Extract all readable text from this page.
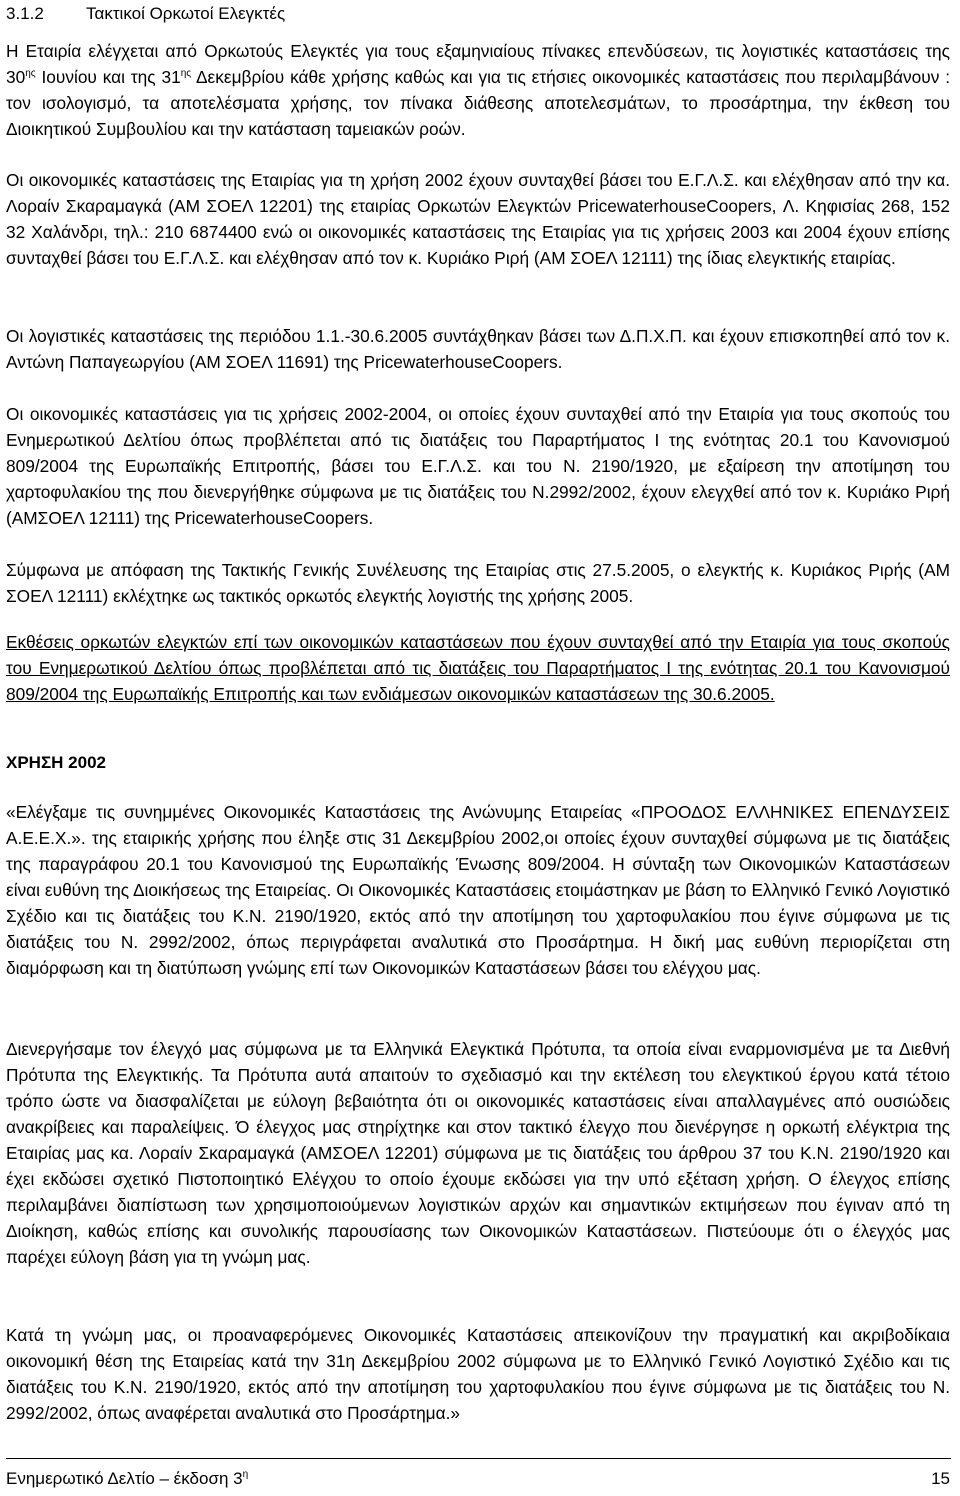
3.1.2 Τακτικοί Ορκωτοί Ελεγκτές

Η Εταιρία ελέγχεται από Ορκωτούς Ελεγκτές για τους εξαμηνιαίους πίνακες επενδύσεων, τις λογιστικές καταστάσεις της $30^{\eta\varsigma}$ Ιουνίου και της $31^{\eta\varsigma}$ Δεκεμβρίου κάθε χρήσης καθώς και για τις ετήσιες οικονομικές καταστάσεις που περιλαμβάνουν : τον ισολογισμό, τα αποτελέσματα χρήσης, τον πίνακα διάθεσης αποτελεσμάτων, το προσάρτημα, την έκθεση του Διοικητικού Συμβουλίου και την κατάσταση ταμειακών ροών.

Οι οικονομικές καταστάσεις της Εταιρίας για τη χρήση 2002 έχουν συνταχθεί βάσει του Ε.Γ.Λ.Σ. και ελέχθησαν από την κα. Λοραίν Σκαραμαγκά (ΑΜ ΣΟΕΛ 12201) της εταιρίας Ορκωτών Ελεγκτών PricewaterhouseCoopers, Λ. Κηφισίας 268, 152 32 Χαλάνδρι, τηλ.: 210 6874400 ενώ οι οικονομικές καταστάσεις της Εταιρίας για τις χρήσεις 2003 και 2004 έχουν επίσης συνταχθεί βάσει του Ε.Γ.Λ.Σ. και ελέχθησαν από τον κ. Κυριάκο Ριρή (ΑΜ ΣΟΕΛ 12111) της ίδιας ελεγκτικής εταιρίας.

Οι λογιστικές καταστάσεις της περιόδου 1.1.-30.6.2005 συντάχθηκαν βάσει των Δ.Π.Χ.Π. και έχουν επισκοπηθεί από τον κ. Αντώνη Παπαγεωργίου (ΑΜ ΣΟΕΛ 11691) της PricewaterhouseCoopers.

Οι οικονομικές καταστάσεις για τις χρήσεις 2002-2004, οι οποίες έχουν συνταχθεί από την Εταιρία για τους σκοπούς του Ενημερωτικού Δελτίου όπως προβλέπεται από τις διατάξεις του Παραρτήματος Ι της ενότητας 20.1 του Κανονισμού 809/2004 της Ευρωπαϊκής Επιτροπής, βάσει του Ε.Γ.Λ.Σ. και του Ν. 2190/1920, με εξαίρεση την αποτίμηση του χαρτοφυλακίου της που διενεργήθηκε σύμφωνα με τις διατάξεις του Ν.2992/2002, έχουν ελεγχθεί από τον κ. Κυριάκο Ριρή (ΑΜΣΟΕΛ 12111) της PricewaterhouseCoopers.

Σύμφωνα με απόφαση της Τακτικής Γενικής Συνέλευσης της Εταιρίας στις 27.5.2005, ο ελεγκτής κ. Κυριάκος Ριρής (ΑΜ ΣΟΕΛ 12111) εκλέχτηκε ως τακτικός ορκωτός ελεγκτής λογιστής της χρήσης 2005.

Εκθέσεις ορκωτών ελεγκτών επί των οικονομικών καταστάσεων που έχουν συνταχθεί από την Εταιρία για τους σκοπούς του Ενημερωτικού Δελτίου όπως προβλέπεται από τις διατάξεις του Παραρτήματος Ι της ενότητας 20.1 του Κανονισμού 809/2004 της Ευρωπαϊκής Επιτροπής και των ενδιάμεσων οικονομικών καταστάσεων της 30.6.2005.

ΧΡΗΣΗ 2002

«Ελέγξαμε τις συνημμένες Οικονομικές Καταστάσεις της Ανώνυμης Εταιρείας «ΠΡΟΟΔΟΣ ΕΛΛΗΝΙΚΕΣ ΕΠΕΝΔΥΣΕΙΣ Α.Ε.Ε.Χ.». της εταιρικής χρήσης που έληξε στις 31 Δεκεμβρίου 2002,οι οποίες έχουν συνταχθεί σύμφωνα με τις διατάξεις της παραγράφου 20.1 του Κανονισμού της Ευρωπαϊκής Ένωσης 809/2004. Η σύνταξη των Οικονομικών Καταστάσεων είναι ευθύνη της Διοικήσεως της Εταιρείας. Οι Οικονομικές Καταστάσεις ετοιμάστηκαν με βάση το Ελληνικό Γενικό Λογιστικό Σχέδιο και τις διατάξεις του Κ.Ν. 2190/1920, εκτός από την αποτίμηση του χαρτοφυλακίου που έγινε σύμφωνα με τις διατάξεις του Ν. 2992/2002, όπως περιγράφεται αναλυτικά στο Προσάρτημα. Η δική μας ευθύνη περιορίζεται στη διαμόρφωση και τη διατύπωση γνώμης επί των Οικονομικών Καταστάσεων βάσει του ελέγχου μας.

Διενεργήσαμε τον έλεγχό μας σύμφωνα με τα Ελληνικά Ελεγκτικά Πρότυπα, τα οποία είναι εναρμονισμένα με τα Διεθνή Πρότυπα της Ελεγκτικής. Τα Πρότυπα αυτά απαιτούν το σχεδιασμό και την εκτέλεση του ελεγκτικού έργου κατά τέτοιο τρόπο ώστε να διασφαλίζεται με εύλογη βεβαιότητα ότι οι οικονομικές καταστάσεις είναι απαλλαγμένες από ουσιώδεις ανακρίβειες και παραλείψεις. Ό έλεγχος μας στηρίχτηκε και στον τακτικό έλεγχο που διενέργησε η ορκωτή ελέγκτρια της Εταιρίας μας κα. Λοραίν Σκαραμαγκά (ΑΜΣΟΕΛ 12201) σύμφωνα με τις διατάξεις του άρθρου 37 του Κ.Ν. 2190/1920 και έχει εκδώσει σχετικό Πιστοποιητικό Ελέγχου το οποίο έχουμε εκδώσει για την υπό εξέταση χρήση. Ο έλεγχος επίσης περιλαμβάνει διαπίστωση των χρησιμοποιούμενων λογιστικών αρχών και σημαντικών εκτιμήσεων που έγιναν από τη Διοίκηση, καθώς επίσης και συνολικής παρουσίασης των Οικονομικών Καταστάσεων. Πιστεύουμε ότι ο έλεγχός μας παρέχει εύλογη βάση για τη γνώμη μας.

Κατά τη γνώμη μας, οι προαναφερόμενες Οικονομικές Καταστάσεις απεικονίζουν την πραγματική και ακριβοδίκαια οικονομική θέση της Εταιρείας κατά την 31η Δεκεμβρίου 2002 σύμφωνα με το Ελληνικό Γενικό Λογιστικό Σχέδιο και τις διατάξεις του Κ.Ν. 2190/1920, εκτός από την αποτίμηση του χαρτοφυλακίου που έγινε σύμφωνα με τις διατάξεις του Ν. 2992/2002, όπως αναφέρεται αναλυτικά στο Προσάρτημα.»

Ενημερωτικό Δελτίο – έκδοση $3^\eta$	15
